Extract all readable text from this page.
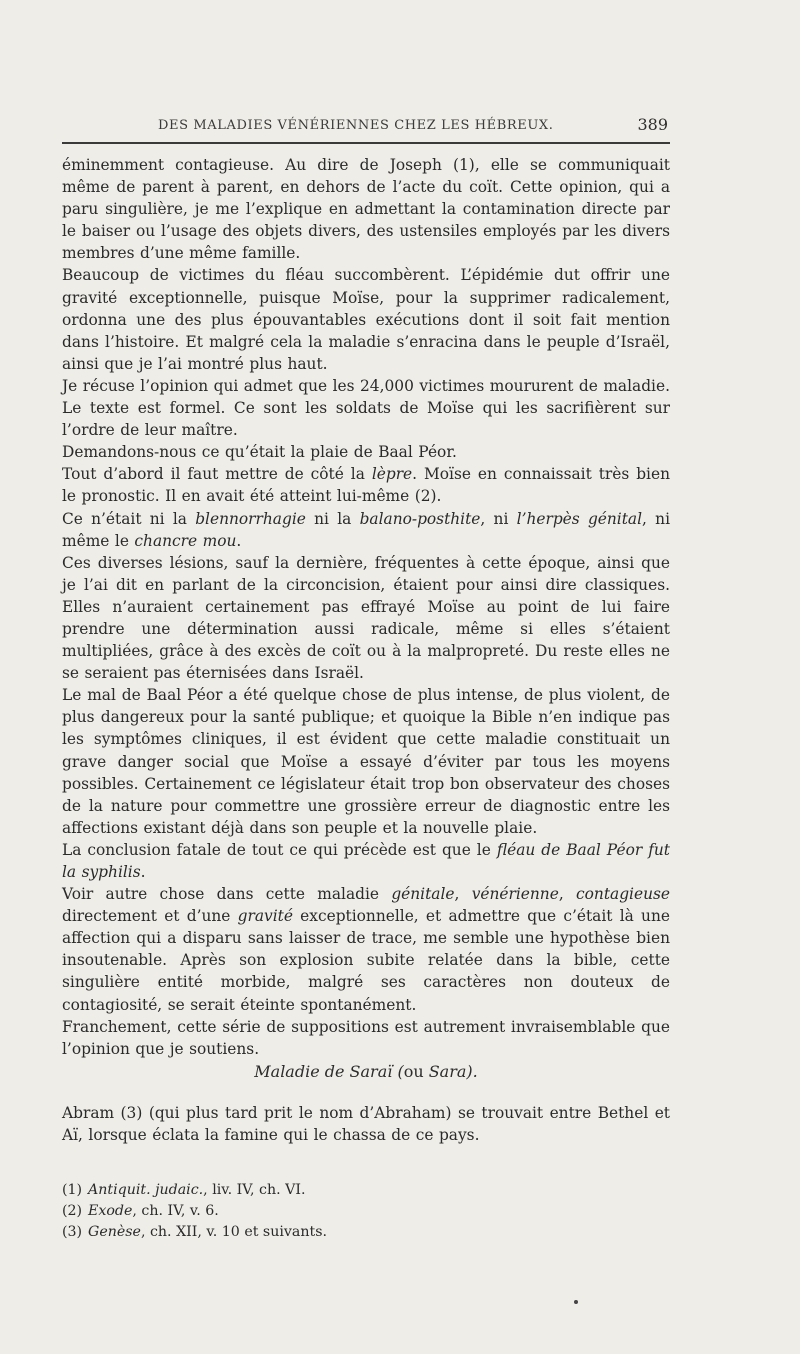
DES MALADIES VÉNÉRIENNES CHEZ LES HÉBREUX.	389

éminemment contagieuse. Au dire de Joseph (1), elle se communiquait même de parent à parent, en dehors de l’acte du coït. Cette opinion, qui a paru singulière, je me l’explique en admettant la contamination directe par le baiser ou l’usage des objets divers, des ustensiles employés par les divers membres d’une même famille.

Beaucoup de victimes du fléau succombèrent. L’épidémie dut offrir une gravité exceptionnelle, puisque Moïse, pour la supprimer radicalement, ordonna une des plus épouvantables exécutions dont il soit fait mention dans l’histoire. Et malgré cela la maladie s’enracina dans le peuple d’Israël, ainsi que je l’ai montré plus haut.

Je récuse l’opinion qui admet que les 24,000 victimes moururent de maladie. Le texte est formel. Ce sont les soldats de Moïse qui les sacrifièrent sur l’ordre de leur maître.

Demandons-nous ce qu’était la plaie de Baal Péor.

Tout d’abord il faut mettre de côté la lèpre. Moïse en connaissait très bien le pronostic. Il en avait été atteint lui-même (2).

Ce n’était ni la blennorrhagie ni la balano-posthite, ni l’herpès génital, ni même le chancre mou.

Ces diverses lésions, sauf la dernière, fréquentes à cette époque, ainsi que je l’ai dit en parlant de la circoncision, étaient pour ainsi dire classiques. Elles n’auraient certainement pas effrayé Moïse au point de lui faire prendre une détermination aussi radicale, même si elles s’étaient multipliées, grâce à des excès de coït ou à la malpropreté. Du reste elles ne se seraient pas éternisées dans Israël.

Le mal de Baal Péor a été quelque chose de plus intense, de plus violent, de plus dangereux pour la santé publique; et quoique la Bible n’en indique pas les symptômes cliniques, il est évident que cette maladie constituait un grave danger social que Moïse a essayé d’éviter par tous les moyens possibles. Certainement ce législateur était trop bon observateur des choses de la nature pour commettre une grossière erreur de diagnostic entre les affections existant déjà dans son peuple et la nouvelle plaie.

La conclusion fatale de tout ce qui précède est que le fléau de Baal Péor fut la syphilis.

Voir autre chose dans cette maladie génitale, vénérienne, contagieuse directement et d’une gravité exceptionnelle, et admettre que c’était là une affection qui a disparu sans laisser de trace, me semble une hypothèse bien insoutenable. Après son explosion subite relatée dans la bible, cette singulière entité morbide, malgré ses caractères non douteux de contagiosité, se serait éteinte spontanément.

Franchement, cette série de suppositions est autrement invraisemblable que l’opinion que je soutiens.

Maladie de Saraï (ou Sara).

Abram (3) (qui plus tard prit le nom d’Abraham) se trouvait entre Bethel et Aï, lorsque éclata la famine qui le chassa de ce pays.

(1) Antiquit. judaic., liv. IV, ch. VI.
(2) Exode, ch. IV, v. 6.
(3) Genèse, ch. XII, v. 10 et suivants.
